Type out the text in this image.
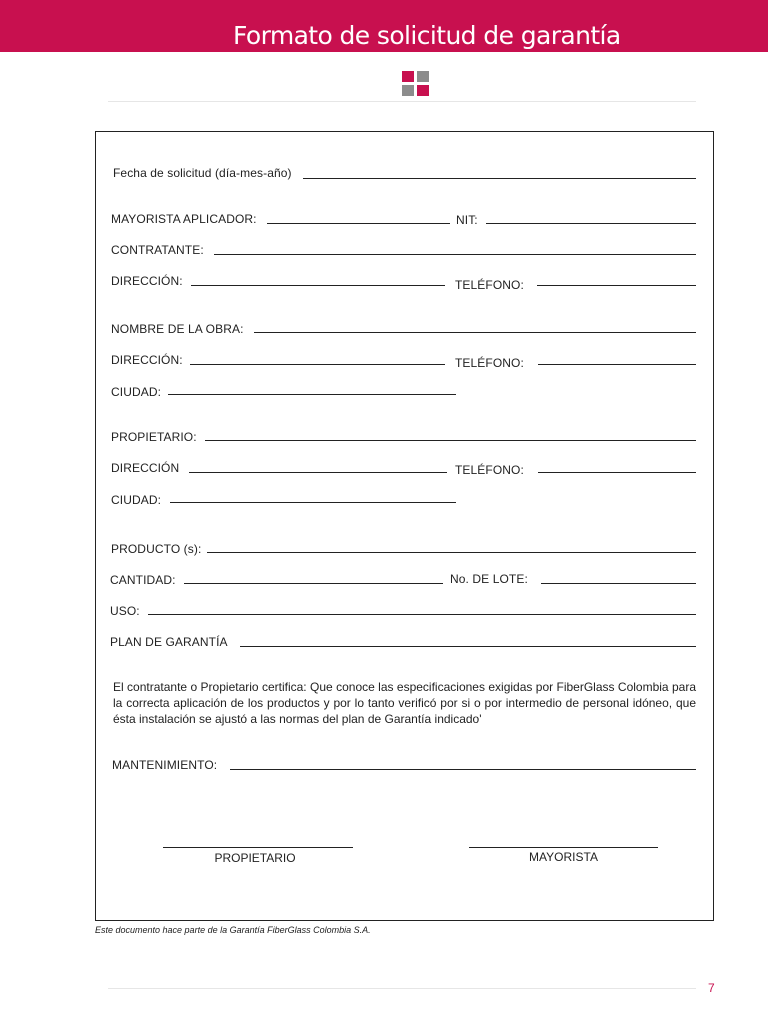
Formato de solicitud de garantía
Fecha de solicitud (día-mes-año)
MAYORISTA APLICADOR:	NIT:
CONTRATANTE:
DIRECCIÓN:	TELÉFONO:
NOMBRE DE LA OBRA:
DIRECCIÓN:	TELÉFONO:
CIUDAD:
PROPIETARIO:
DIRECCIÓN	TELÉFONO:
CIUDAD:
PRODUCTO (s):
CANTIDAD:	No. DE LOTE:
USO:
PLAN DE GARANTÍA
El contratante o Propietario certifica: Que conoce las especificaciones exigidas por FiberGlass Colombia para la correcta aplicación de los productos y por lo tanto verificó por si o por intermedio de personal idóneo, que ésta instalación se ajustó a las normas del plan de Garantía indicado'
MANTENIMIENTO:
PROPIETARIO	MAYORISTA
Este documento hace parte de la Garantía FiberGlass Colombia S.A.
7
